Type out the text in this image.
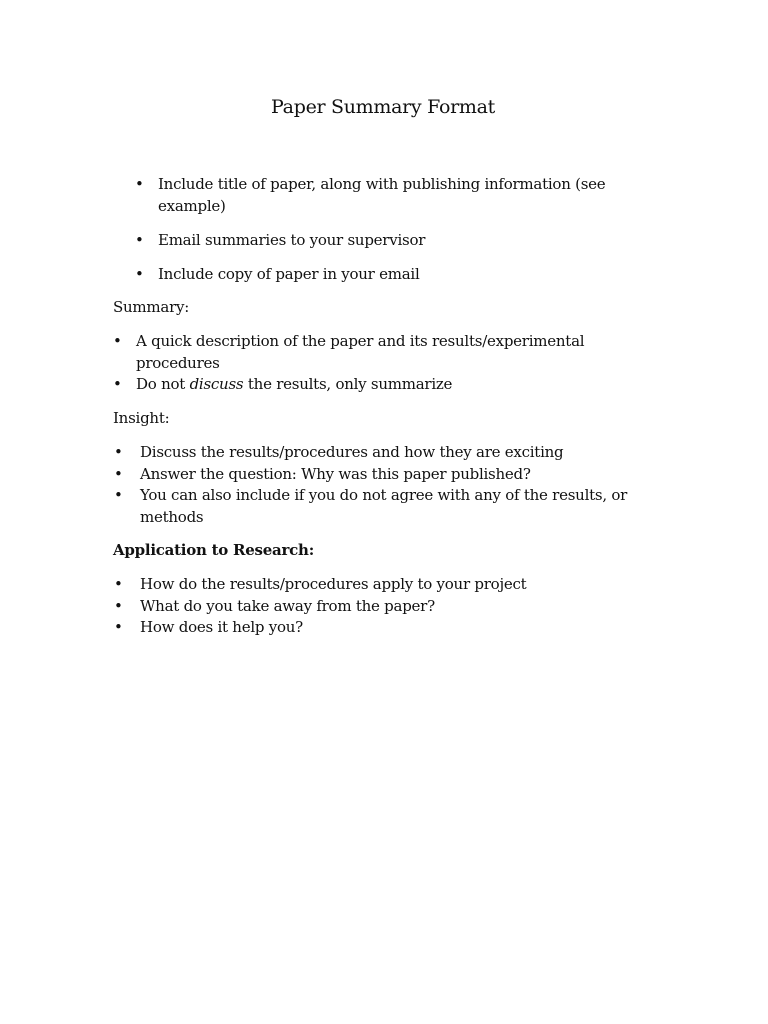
Paper Summary Format
• Include title of paper, along with publishing information (see
example)
• Email summaries to your supervisor
• Include copy of paper in your email
Summary:
• A quick description of the paper and its results/experimental
procedures
• Do not discuss the results, only summarize
Insight:
• Discuss the results/procedures and how they are exciting
• Answer the question: Why was this paper published?
• You can also include if you do not agree with any of the results, or
methods
Application to Research:
• How do the results/procedures apply to your project
• What do you take away from the paper?
• How does it help you?
